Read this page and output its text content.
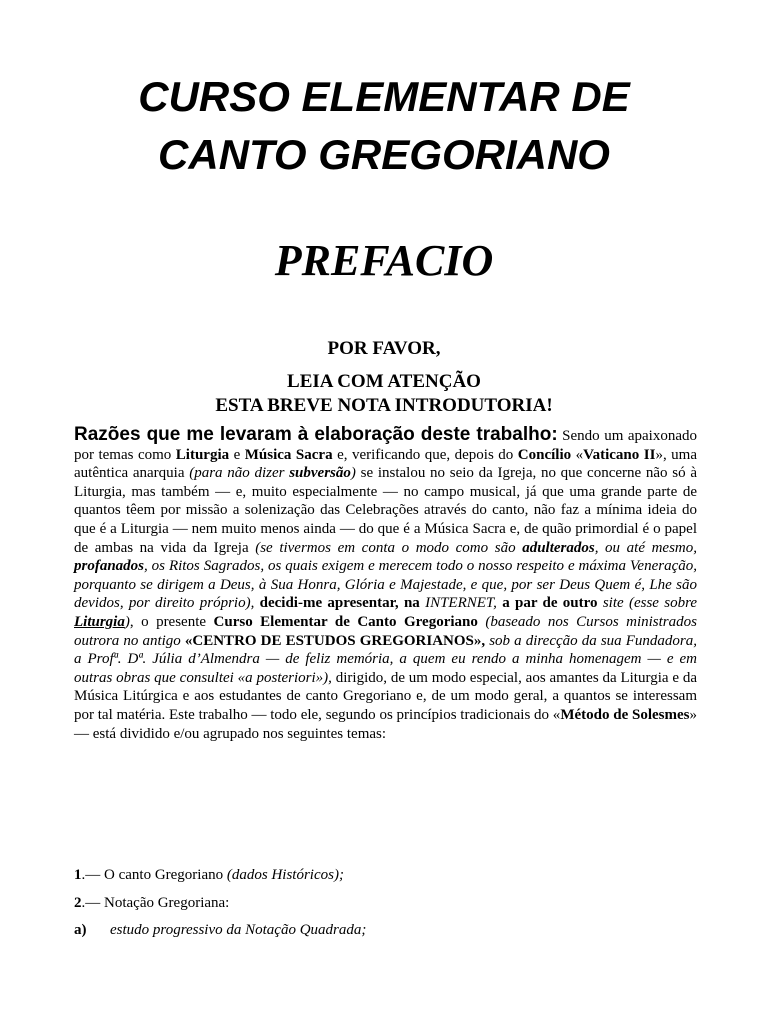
CURSO ELEMENTAR DE
CANTO GREGORIANO
PREFACIO
POR FAVOR,
LEIA COM ATENÇÃO
ESTA BREVE NOTA INTRODUTORIA!

Razões que me levaram à elaboração deste trabalho: Sendo um apaixonado por temas como Liturgia e Música Sacra e, verificando que, depois do Concílio «Vaticano II», uma autêntica anarquia (para não dizer subversão) se instalou no seio da Igreja, no que concerne não só à Liturgia, mas também — e, muito especialmente — no campo musical, já que uma grande parte de quantos têem por missão a solenização das Celebrações através do canto, não faz a mínima ideia do que é a Liturgia — nem muito menos ainda — do que é a Música Sacra e, de quão primordial é o papel de ambas na vida da Igreja (se tivermos em conta o modo como são adulterados, ou até mesmo, profanados, os Ritos Sagrados, os quais exigem e merecem todo o nosso respeito e máxima Veneração, porquanto se dirigem a Deus, à Sua Honra, Glória e Majestade, e que, por ser Deus Quem é, Lhe são devidos, por direito próprio), decidi-me apresentar, na INTERNET, a par de outro site (esse sobre Liturgia), o presente Curso Elementar de Canto Gregoriano (baseado nos Cursos ministrados outrora no antigo «CENTRO DE ESTUDOS GREGORIANOS», sob a direcção da sua Fundadora, a Profª. Dª. Júlia d’Almendra — de feliz memória, a quem eu rendo a minha homenagem — e em outras obras que consultei «a posteriori»), dirigido, de um modo especial, aos amantes da Liturgia e da Música Litúrgica e aos estudantes de canto Gregoriano e, de um modo geral, a quantos se interessam por tal matéria. Este trabalho — todo ele, segundo os princípios tradicionais do «Método de Solesmes» — está dividido e/ou agrupado nos seguintes temas:

1.— O canto Gregoriano (dados Históricos);

2.— Notação Gregoriana:

a) estudo progressivo da Notação Quadrada;
